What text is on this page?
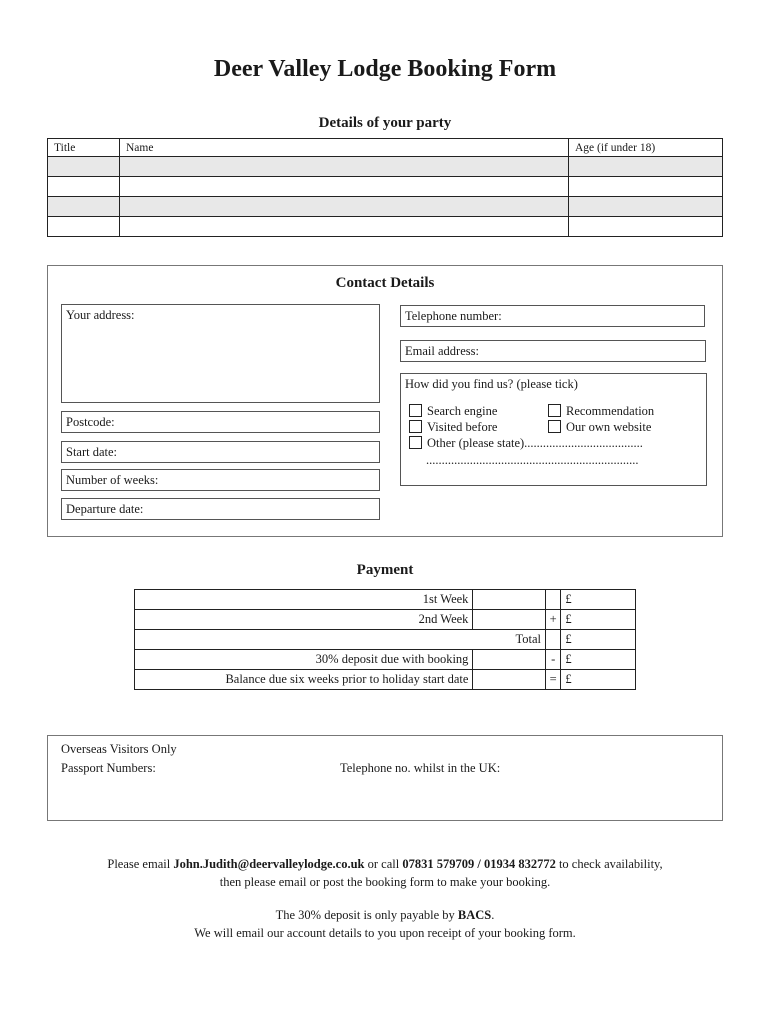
Deer Valley Lodge Booking Form
Details of your party
Title	Name	Age (if under 18)

Contact Details
Your address:
Postcode:
Start date:
Number of weeks:
Departure date:
Telephone number:
Email address:
How did you find us? (please tick)
Search engine	Recommendation
Visited before	Our own website
Other (please state)......................................
....................................................................
Payment
1st Week			£
2nd Week		+	£
Total			£
30% deposit due with booking		-	£
Balance due six weeks prior to holiday start date		=	£
Overseas Visitors Only
Passport Numbers:	Telephone no. whilst in the UK:
Please email John.Judith@deervalleylodge.co.uk or call 07831 579709 / 01934 832772 to check availability,
then please email or post the booking form to make your booking.
The 30% deposit is only payable by BACS.
We will email our account details to you upon receipt of your booking form.
